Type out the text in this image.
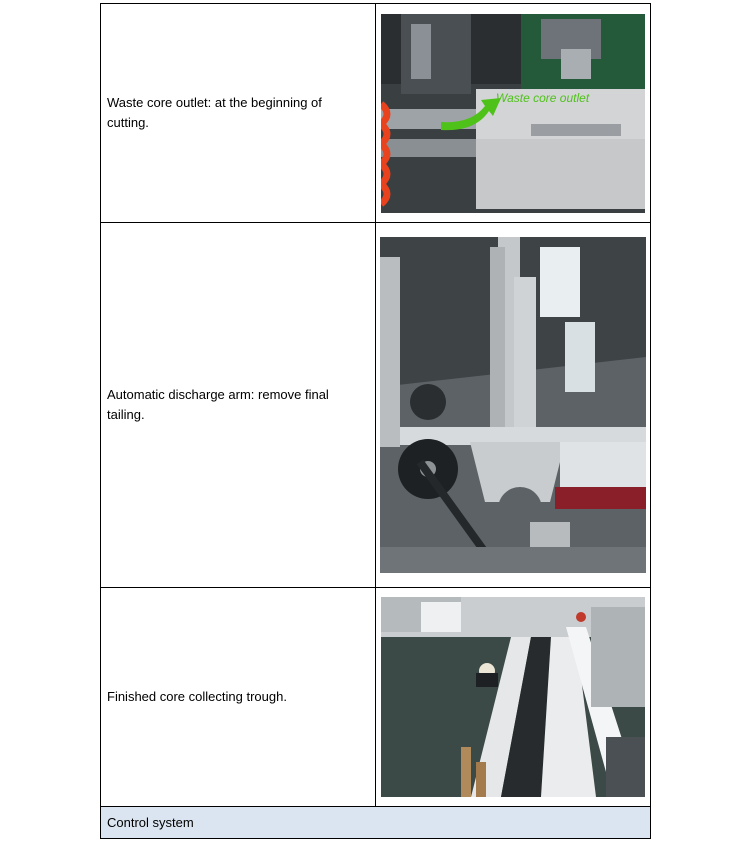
Waste core outlet: at the beginning of cutting.	Waste core outlet

Automatic discharge arm: remove final tailing.

Finished core collecting trough.

Control system	
